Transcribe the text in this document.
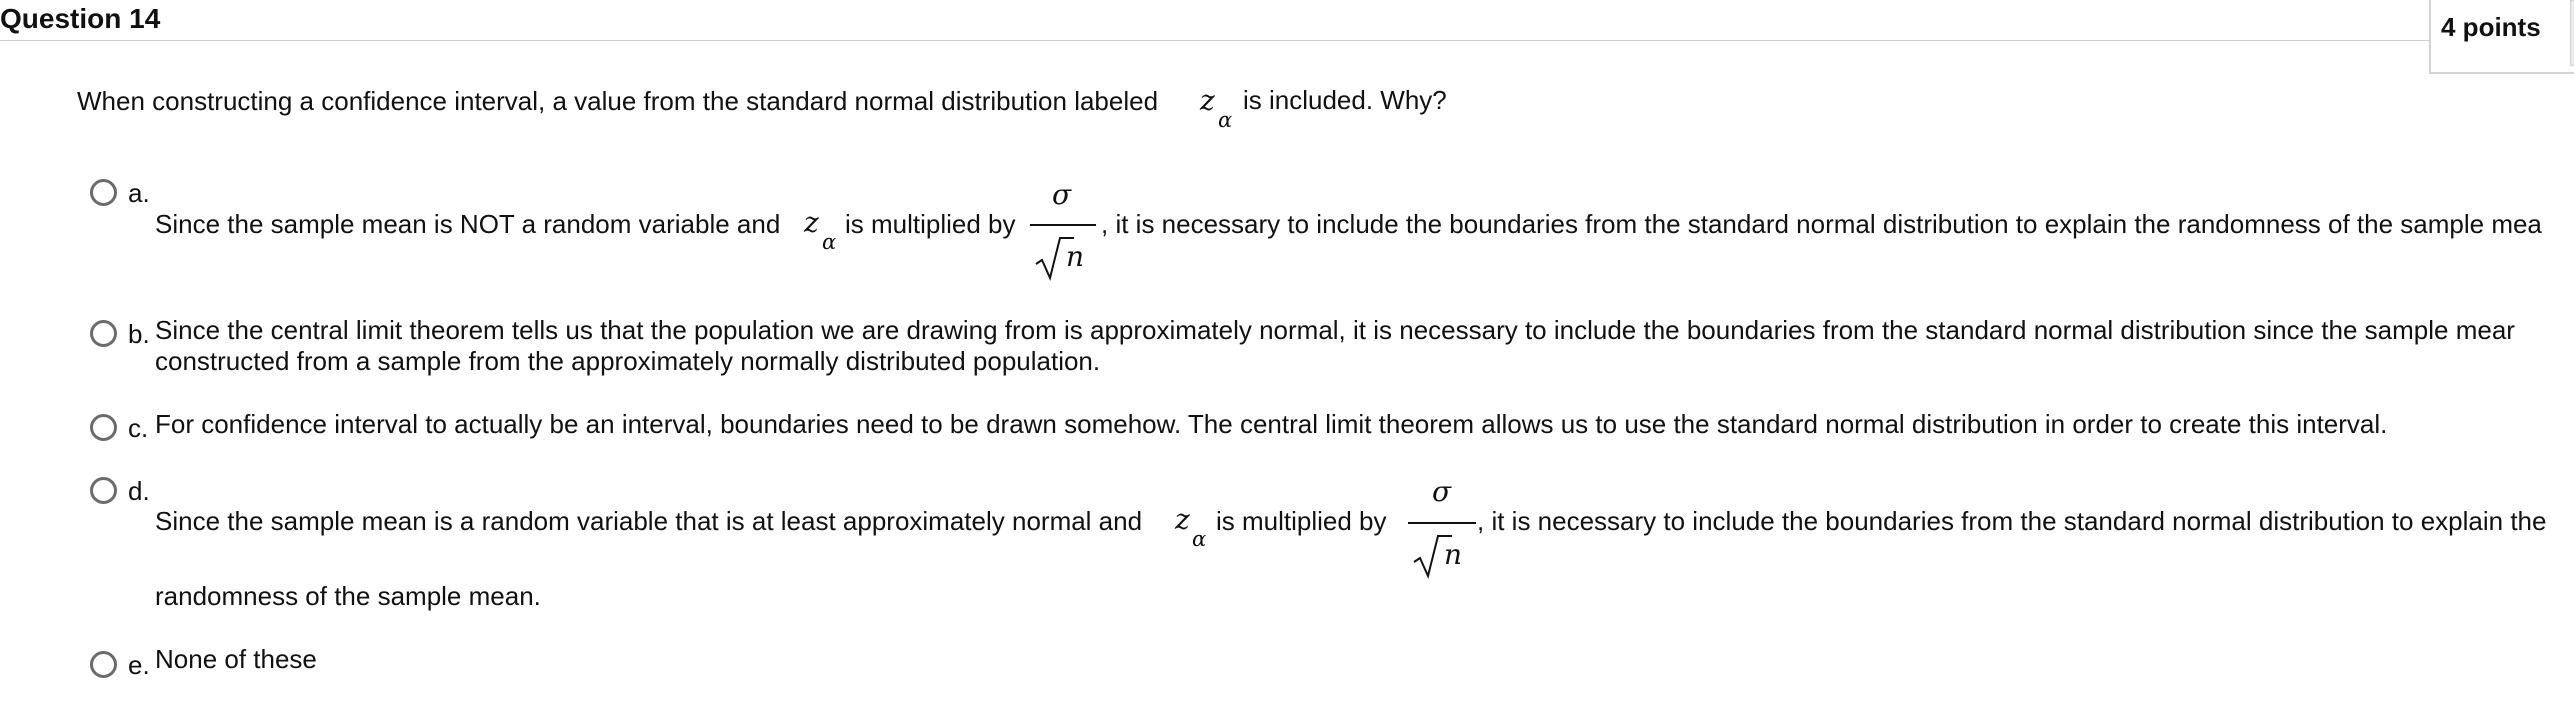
Question 14	4 points
When constructing a confidence interval, a value from the standard normal distribution labeled z
α
is included. Why?
a.
Since the sample mean is NOT a random variable and z
α
is multiplied by
σ
n
, it is necessary to include the boundaries from the standard normal distribution to explain the randomness of the sample mea
b. Since the central limit theorem tells us that the population we are drawing from is approximately normal, it is necessary to include the boundaries from the standard normal distribution since the sample mear
constructed from a sample from the approximately normally distributed population.
c. For confidence interval to actually be an interval, boundaries need to be drawn somehow. The central limit theorem allows us to use the standard normal distribution in order to create this interval.
d.
Since the sample mean is a random variable that is at least approximately normal and z
α
is multiplied by
σ
n
, it is necessary to include the boundaries from the standard normal distribution to explain the
randomness of the sample mean.
e. None of these
